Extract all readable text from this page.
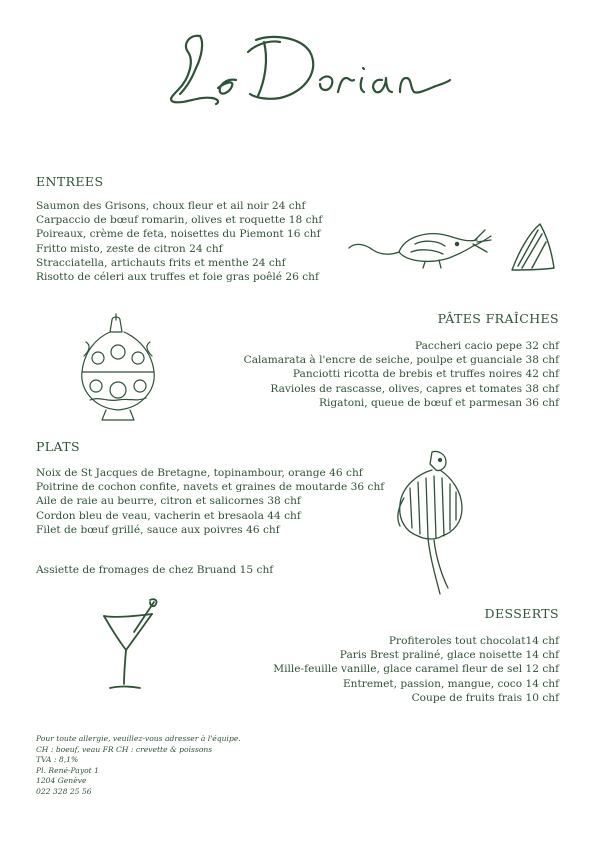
ENTREES
Saumon des Grisons, choux fleur et ail noir 24 chf
Carpaccio de bœuf romarin, olives et roquette 18 chf
Poireaux, crème de feta, noisettes du Piemont 16 chf
Fritto misto, zeste de citron 24 chf
Stracciatella, artichauts frits et menthe 24 chf
Risotto de céleri aux truffes et foie gras poêlé 26 chf
PÂTES FRAÎCHES
Paccheri cacio pepe 32 chf
Calamarata à l'encre de seiche, poulpe et guanciale 38 chf
Panciotti ricotta de brebis et truffes noires 42 chf
Ravioles de rascasse, olives, capres et tomates 38 chf
Rigatoni, queue de bœuf et parmesan 36 chf
PLATS
Noix de St Jacques de Bretagne, topinambour, orange 46 chf
Poitrine de cochon confite, navets et graines de moutarde 36 chf
Aile de raie au beurre, citron et salicornes 38 chf
Cordon bleu de veau, vacherin et bresaola 44 chf
Filet de bœuf grillé, sauce aux poivres 46 chf
Assiette de fromages de chez Bruand 15 chf
DESSERTS
Profiteroles tout chocolat14 chf
Paris Brest praliné, glace noisette 14 chf
Mille-feuille vanille, glace caramel fleur de sel 12 chf
Entremet, passion, mangue, coco 14 chf
Coupe de fruits frais 10 chf
Pour toute allergie, veuillez-vous adresser à l'équipe.
CH : boeuf, veau FR CH : crevette & poissons
TVA : 8,1%
Pl. René-Payot 1
1204 Genève
022 328 25 56
